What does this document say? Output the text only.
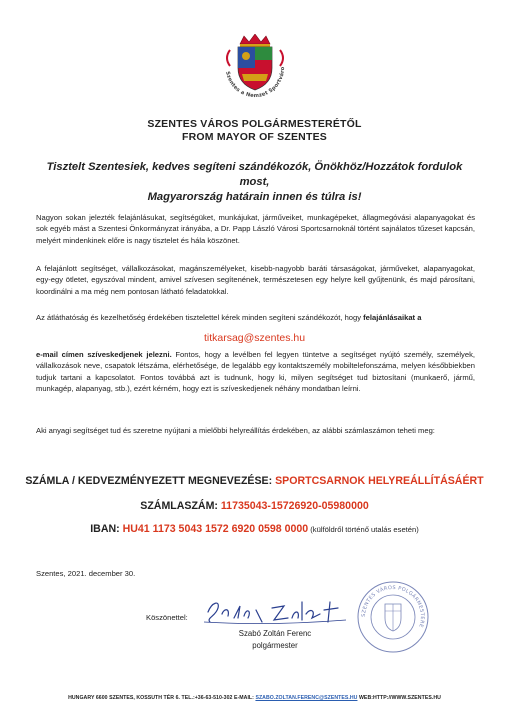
Szentes a Nemzet Sportváro
SZENTES VÁROS POLGÁRMESTERÉTŐL
FROM MAYOR OF SZENTES
Tisztelt Szentesiek, kedves segíteni szándékozók, Önökhöz/Hozzátok fordulok most,
Magyarország határain innen és túlra is!
Nagyon sokan jelezték felajánlásukat, segítségüket, munkájukat, járműveiket, munkagépeket, állagmegóvási alapanyagokat és sok egyéb mást a Szentesi Önkormányzat irányába, a Dr. Papp László Városi Sportcsarnoknál történt sajnálatos tűzeset kapcsán, melyért mindenkinek előre is nagy tisztelet és hála köszönet.
A felajánlott segítséget, vállalkozásokat, magánszemélyeket, kisebb-nagyobb baráti társaságokat, járműveket, alapanyagokat, egy-egy ötletet, egyszóval mindent, amivel szívesen segítenének, természetesen egy helyre kell gyűjtenünk, és majd párosítani, koordinálni a ma még nem pontosan látható feladatokkal.
Az átláthatóság és kezelhetőség érdekében tisztelettel kérek minden segíteni szándékozót, hogy felajánlásaikat a
titkarsag@szentes.hu
e-mail címen szíveskedjenek jelezni. Fontos, hogy a levélben fel legyen tüntetve a segítséget nyújtó személy, személyek, vállalkozások neve, csapatok létszáma, elérhetősége, de legalább egy kontaktszemély mobiltelefonszáma, melyen későbbiekben tudjuk tartani a kapcsolatot. Fontos továbbá azt is tudnunk, hogy ki, milyen segítséget tud biztosítani (munkaerő, jármű, munkagép, alapanyag, stb.), ezért kérném, hogy ezt is szíveskedjenek néhány mondatban leírni.
Aki anyagi segítséget tud és szeretne nyújtani a mielőbbi helyreállítás érdekében, az alábbi számlaszámon teheti meg:
SZÁMLA / KEDVEZMÉNYEZETT MEGNEVEZÉSE: SPORTCSARNOK HELYREÁLLÍTÁSÁÉRT
SZÁMLASZÁM: 11735043-15726920-05980000
IBAN: HU41 1173 5043 1572 6920 0598 0000 (külföldről történő utalás esetén)
Szentes, 2021. december 30.
Köszönettel:	SZENTES VÁROS POLGÁRMESTERE
Szabó Zoltán Ferenc
polgármester
HUNGARY 6600 SZENTES, KOSSUTH TÉR 6. TEL.:+36-63-510-302 E-MAIL: SZABO.ZOLTAN.FERENC@SZENTES.HU WEB:HTTP://WWW.SZENTES.HU
